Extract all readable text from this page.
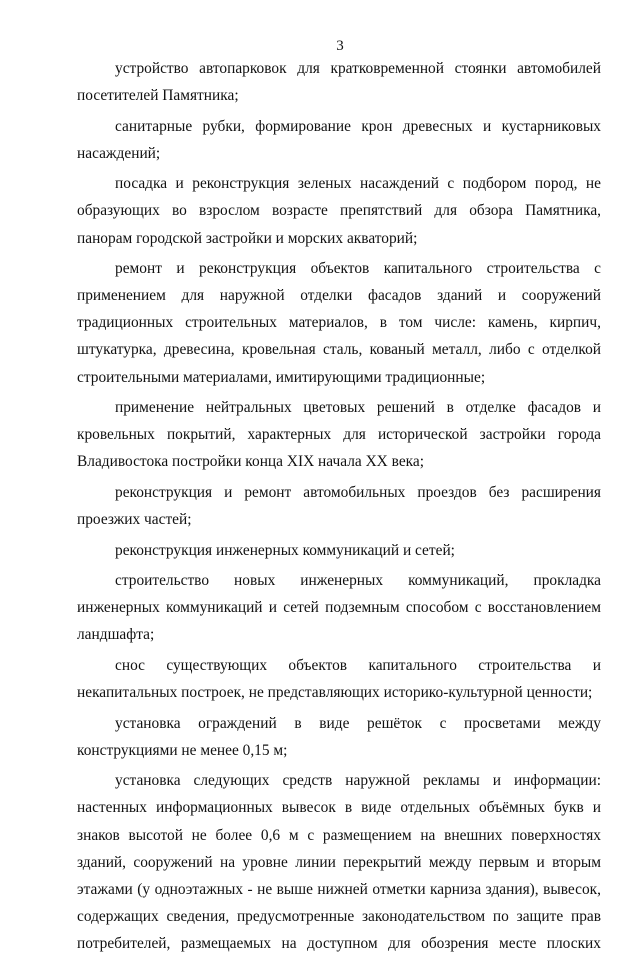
3

устройство автопарковок для кратковременной стоянки автомобилей посетителей Памятника;

санитарные рубки, формирование крон древесных и кустарниковых насаждений;

посадка и реконструкция зеленых насаждений с подбором пород, не образующих во взрослом возрасте препятствий для обзора Памятника, панорам городской застройки и морских акваторий;

ремонт и реконструкция объектов капитального строительства с применением для наружной отделки фасадов зданий и сооружений традиционных строительных материалов, в том числе: камень, кирпич, штукатурка, древесина, кровельная сталь, кованый металл, либо с отделкой строительными материалами, имитирующими традиционные;

применение нейтральных цветовых решений в отделке фасадов и кровельных покрытий, характерных для исторической застройки города Владивостока постройки конца XIX начала XX века;

реконструкция и ремонт автомобильных проездов без расширения проезжих частей;

реконструкция инженерных коммуникаций и сетей;

строительство новых инженерных коммуникаций, прокладка инженерных коммуникаций и сетей подземным способом с восстановлением ландшафта;

снос существующих объектов капитального строительства и некапитальных построек, не представляющих историко-культурной ценности;

установка ограждений в виде решёток с просветами между конструкциями не менее 0,15 м;

установка следующих средств наружной рекламы и информации: настенных информационных вывесок в виде отдельных объёмных букв и знаков высотой не более 0,6 м с размещением на внешних поверхностях зданий, сооружений на уровне линии перекрытий между первым и вторым этажами (у одноэтажных - не выше нижней отметки карниза здания), вывесок, содержащих сведения, предусмотренные законодательством по защите прав потребителей, размещаемых на доступном для обозрения месте плоских
